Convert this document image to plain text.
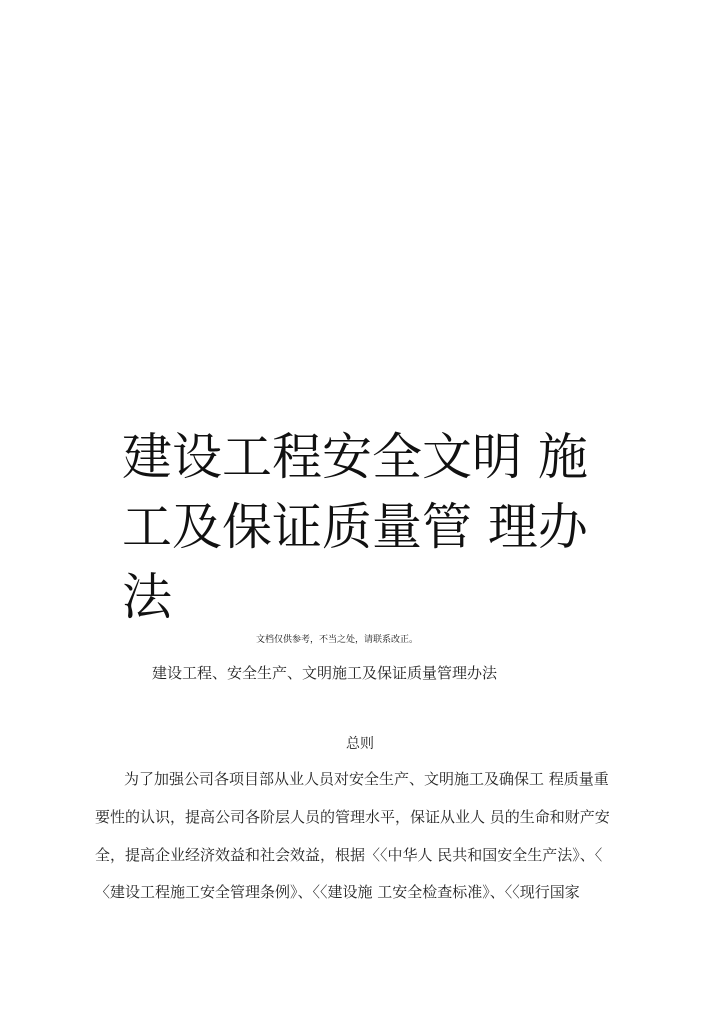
建设工程安全文明 施
工及保证质量管 理办
法
文档仅供参考，不当之处，请联系改正。
建设工程、安全生产、文明施工及保证质量管理办法
总则
为了加强公司各项目部从业人员对安全生产、文明施工及确保工 程质量重
要性的认识，提高公司各阶层人员的管理水平，保证从业人 员的生命和财产安
全，提高企业经济效益和社会效益，根据〈〈中华人 民共和国安全生产法》、〈
〈建设工程施工安全管理条例》、〈〈建设施 工安全检查标准》、〈〈现行国家
